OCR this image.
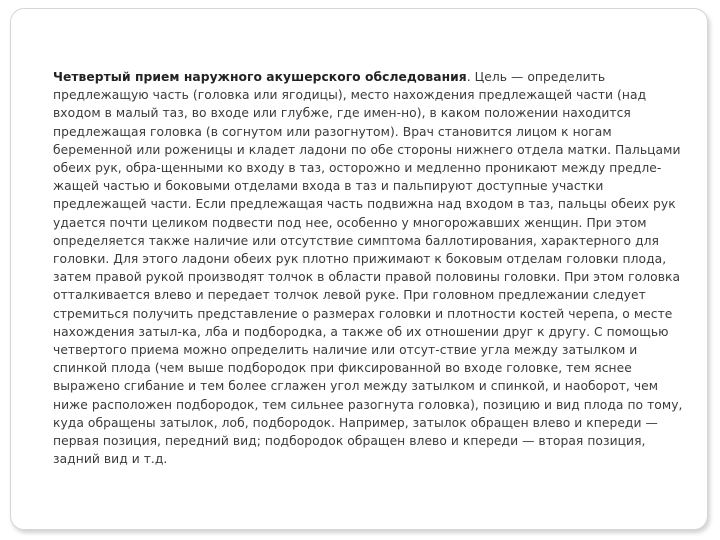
Четвертый прием наружного акушерского обследования. Цель — определить предлежащую часть (головка или ягодицы), место нахождения предлежащей части (над входом в малый таз, во входе или глубже, где имен-но), в каком положении находится предлежащая головка (в согнутом или разогнутом). Врач становится лицом к ногам беременной или роженицы и кладет ладони по обе стороны нижнего отдела матки. Пальцами обеих рук, обра-щенными ко входу в таз, осторожно и медленно проникают между предле-жащей частью и боковыми отделами входа в таз и пальпируют доступные участки предлежащей части. Если предлежащая часть подвижна над входом в таз, пальцы обеих рук удается почти целиком подвести под нее, особенно у многорожавших женщин. При этом определяется также наличие или отсутствие симптома баллотирования, характерного для головки. Для этого ладони обеих рук плотно прижимают к боковым отделам головки плода, затем правой рукой производят толчок в области правой половины головки. При этом головка отталкивается влево и передает толчок левой руке. При головном предлежании следует стремиться получить представление о размерах головки и плотности костей черепа, о месте нахождения затыл-ка, лба и подбородка, а также об их отношении друг к другу. С помощью четвертого приема можно определить наличие или отсут-ствие угла между затылком и спинкой плода (чем выше подбородок при фиксированной во входе головке, тем яснее выражено сгибание и тем более сглажен угол между затылком и спинкой, и наоборот, чем ниже расположен подбородок, тем сильнее разогнута головка), позицию и вид плода по тому, куда обращены затылок, лоб, подбородок. Например, затылок обращен влево и кпереди — первая позиция, передний вид; подбородок обращен влево и кпереди — вторая позиция, задний вид и т.д.
